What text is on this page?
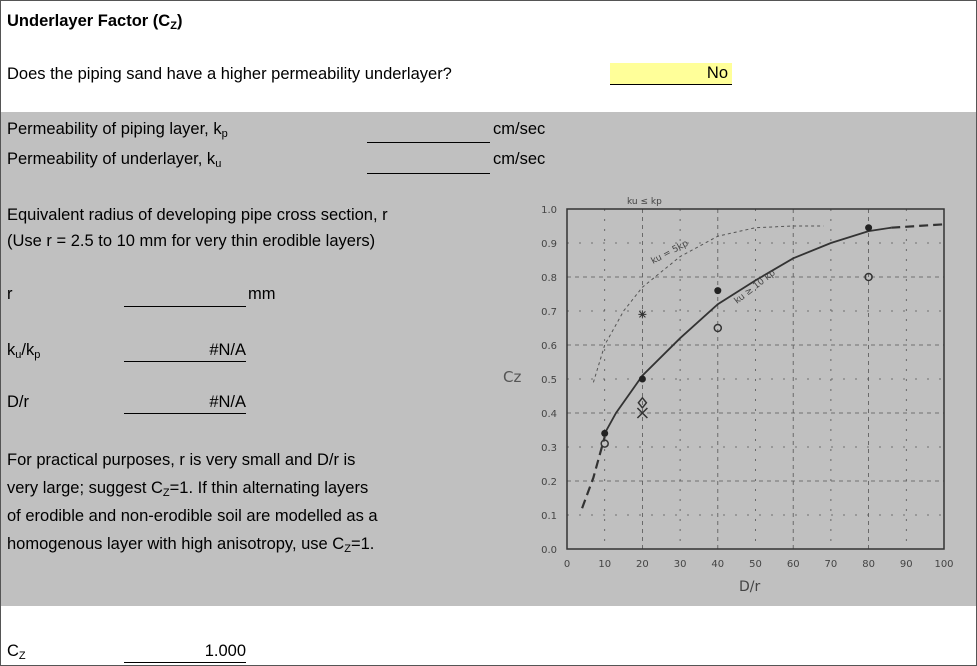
Underlayer Factor $(C_Z)$
Does the piping sand have a higher permeability underlayer?	No
Permeability of piping layer, $k_p$	cm/sec
Permeability of underlayer, $k_u$	cm/sec
Equivalent radius of developing pipe cross section, r
(Use r = 2.5 to 10 mm for very thin erodible layers)
r	mm
$k_u/k_p$	#N/A
D/r	#N/A
For practical purposes, r is very small and D/r is
very large; suggest $C_Z=1$. If thin alternating layers
of erodible and non-erodible soil are modelled as a
homogenous layer with high anisotropy, use $C_Z=1$.
$C_Z$	1.000
0	10 20 30 40 50 60 70 80 90 100
0.0
0.1
0.2
0.3
0.4
0.5
0.6
0.7
0.8
0.9
1.0
Cz
D/r
ku ≤ kp
ku = 5kp
ku ≥ 10 kp
